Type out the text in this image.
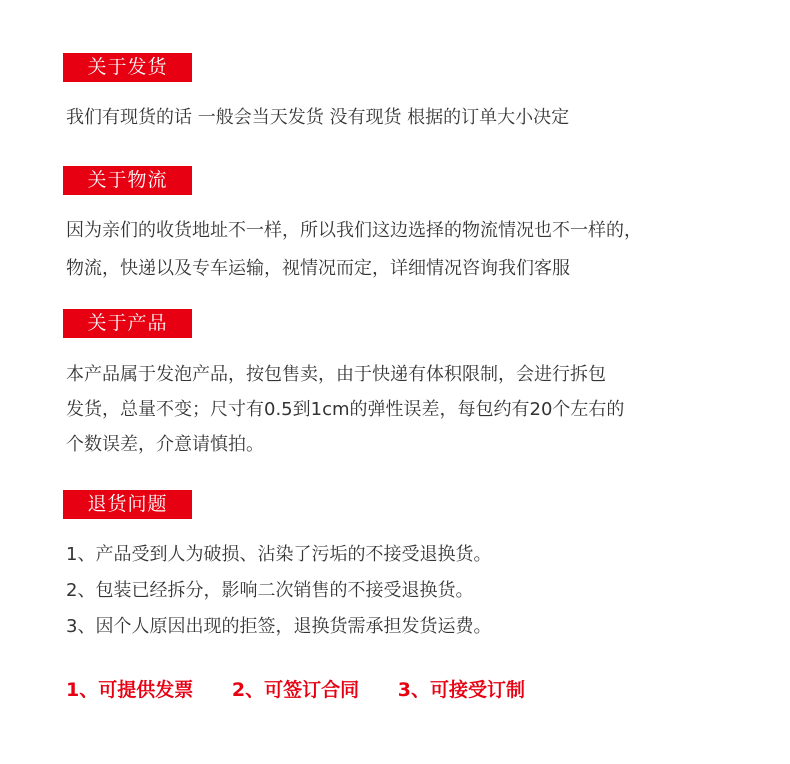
关于发货
我们有现货的话 一般会当天发货 没有现货 根据的订单大小决定
关于物流
因为亲们的收货地址不一样，所以我们这边选择的物流情况也不一样的，
物流，快递以及专车运输，视情况而定，详细情况咨询我们客服
关于产品
本产品属于发泡产品，按包售卖，由于快递有体积限制，会进行拆包
发货，总量不变；尺寸有0.5到1cm的弹性误差，每包约有20个左右的
个数误差，介意请慎拍。
退货问题
1、产品受到人为破损、沾染了污垢的不接受退换货。
2、包装已经拆分，影响二次销售的不接受退换货。
3、因个人原因出现的拒签，退换货需承担发货运费。
1、可提供发票 2、可签订合同 3、可接受订制
